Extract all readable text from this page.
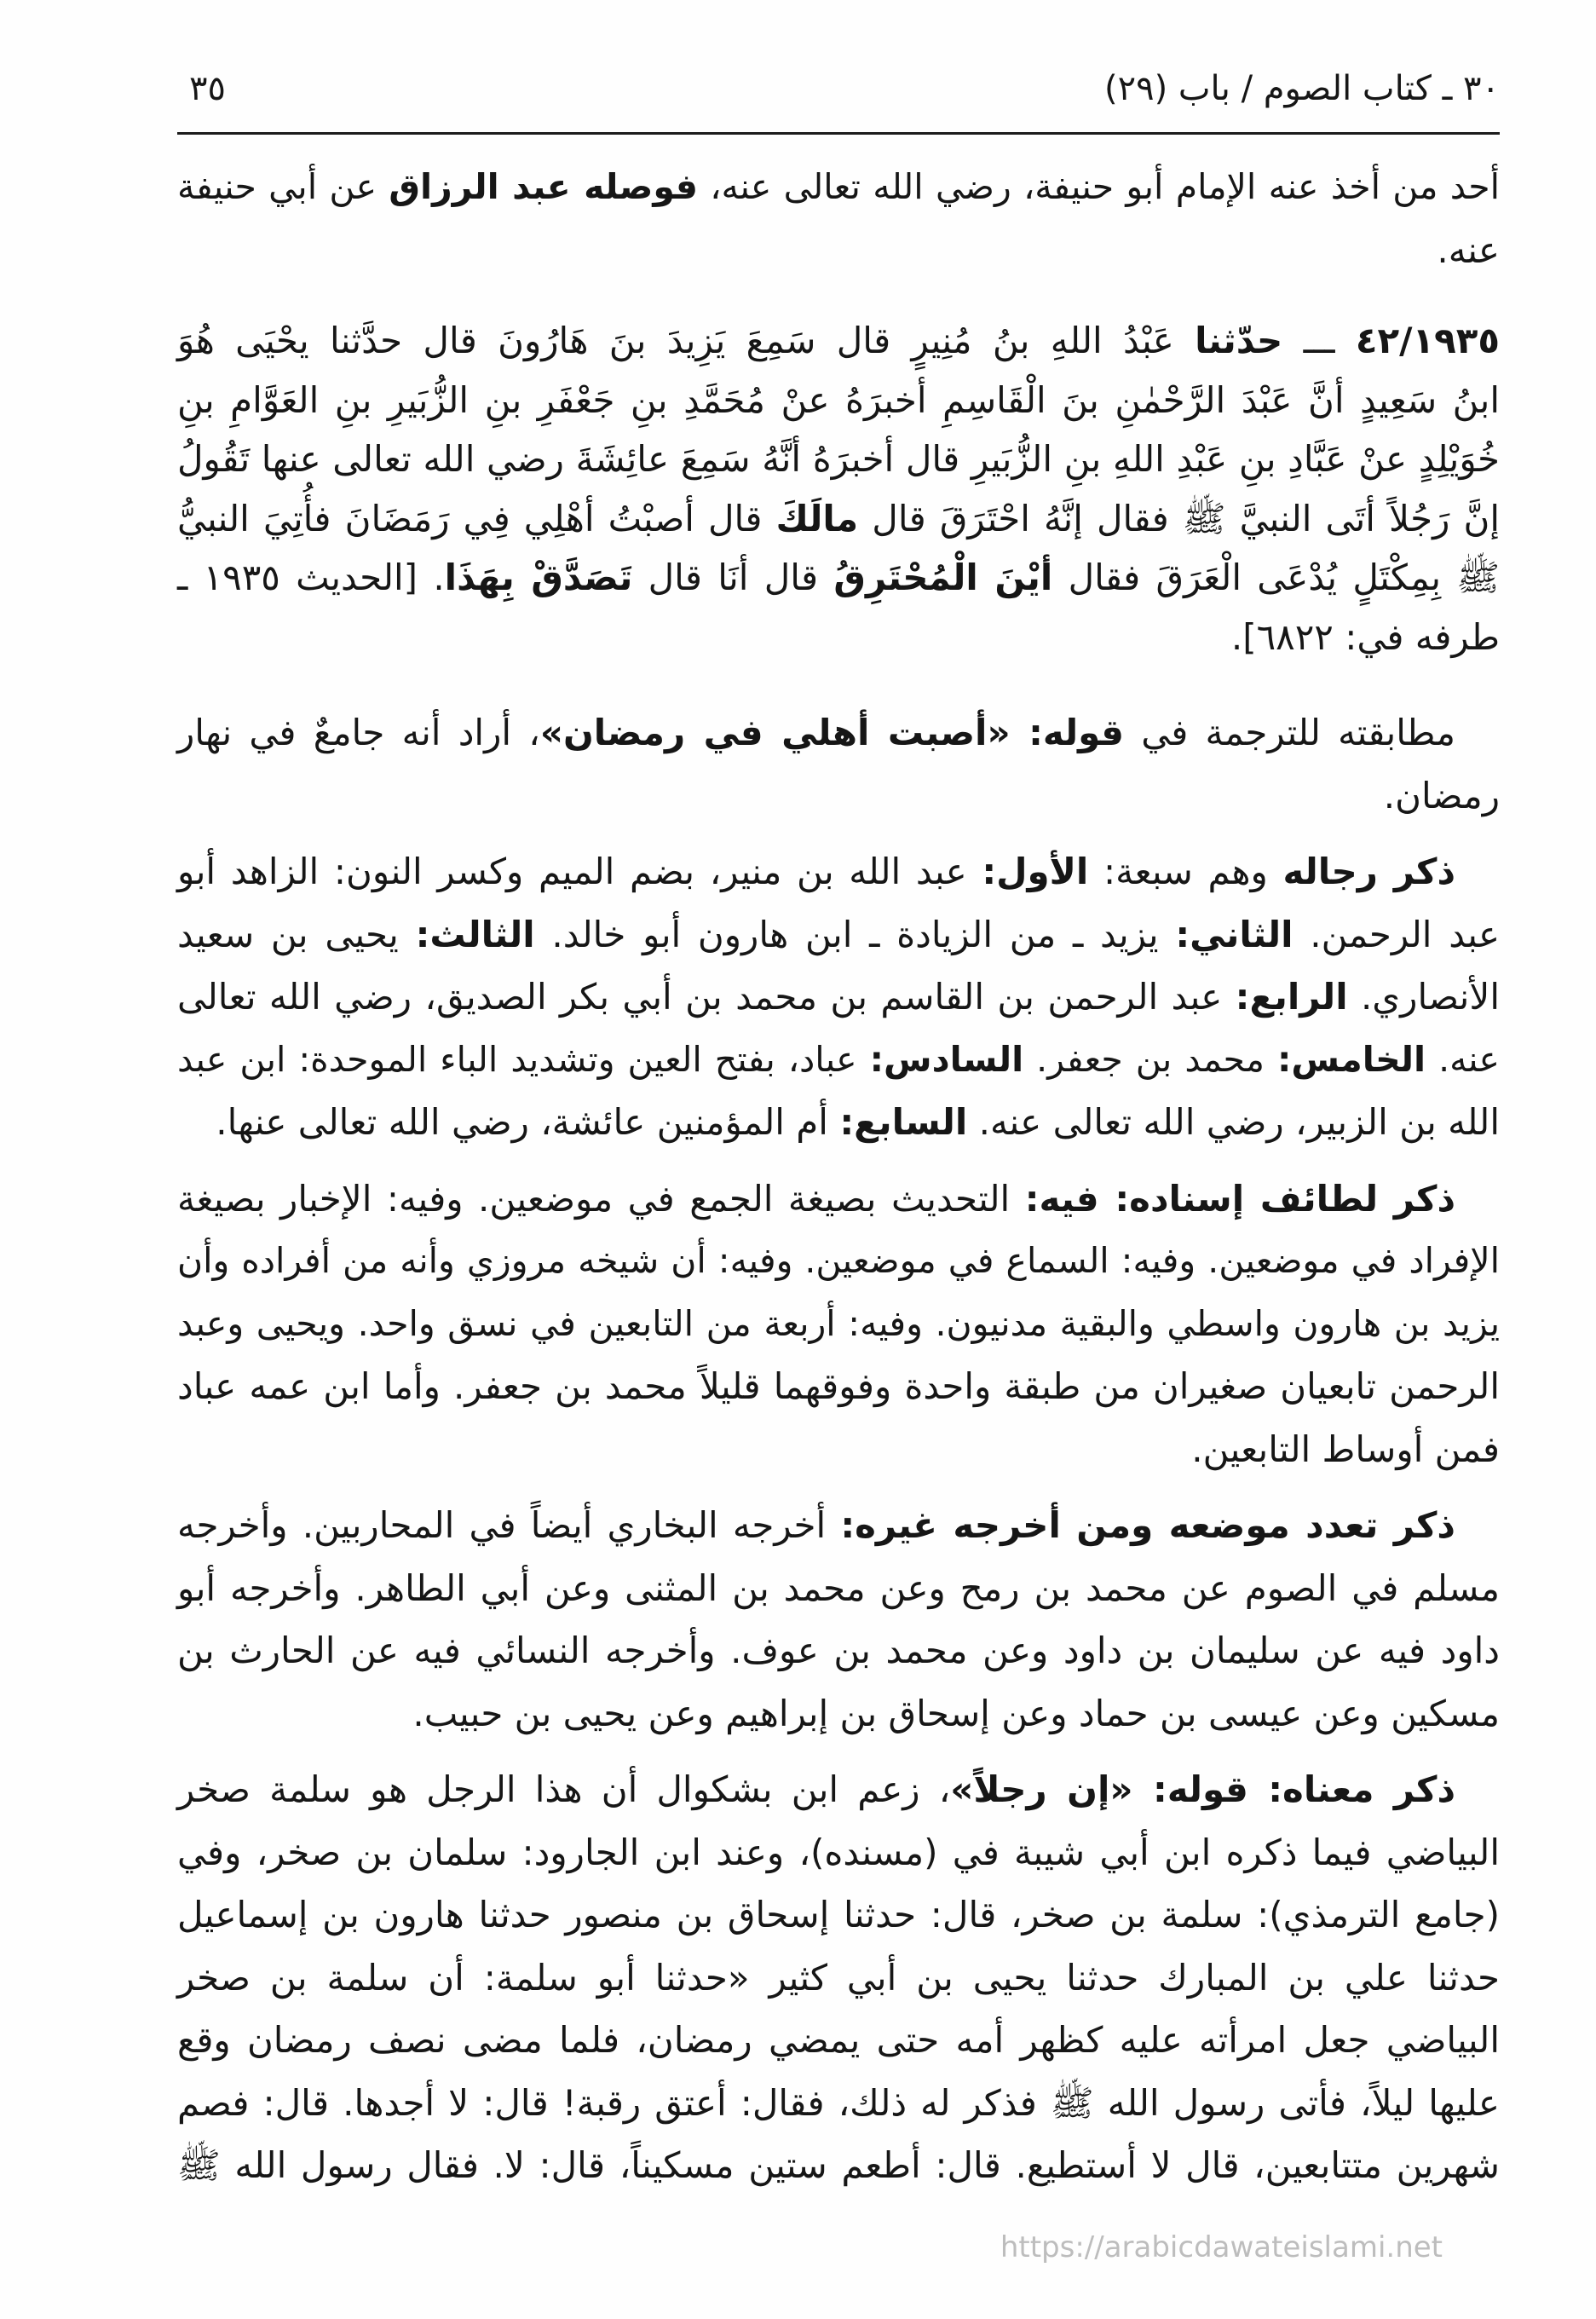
٣٠ ـ كتاب الصوم / باب (٢٩)
٣٥
أحد من أخذ عنه الإمام أبو حنيفة، رضي الله تعالى عنه، فوصله عبد الرزاق عن أبي حنيفة
عنه.
٤٢/١٩٣٥ ـــ حدّثنا عَبْدُ اللهِ بنُ مُنِيرٍ قال سَمِعَ يَزِيدَ بنَ هَارُونَ قال حدَّثنا يحْيَى هُوَ
ابنُ سَعِيدٍ أنَّ عَبْدَ الرَّحْمٰنِ بنَ الْقَاسِمِ أخبرَهُ عنْ مُحَمَّدِ بنِ جَعْفَرِ بنِ الزُّبَيرِ بنِ العَوَّامِ بنِ
خُوَيْلِدٍ عنْ عَبَّادِ بنِ عَبْدِ اللهِ بنِ الزُّبَيرِ قال أخبرَهُ أنَّهُ سَمِعَ عائِشَةَ رضي الله تعالى عنها تَقُولُ
إنَّ رَجُلاً أتَى النبيَّ ﷺ فقال إنَّهُ احْتَرَقَ قال مالَكَ قال أصبْتُ أهْلِي فِي رَمَضَانَ فأُتِيَ النبيُّ
ﷺ بِمِكْتَلٍ يُدْعَى الْعَرَقَ فقال أيْنَ الْمُحْتَرِقُ قال أنَا قال تَصَدَّقْ بِهَذَا. [الحديث ١٩٣٥ ـ
طرفه في: ٦٨٢٢].
مطابقته للترجمة في قوله: «أصبت أهلي في رمضان»، أراد أنه جامعٌ في نهار
رمضان.
ذكر رجاله وهم سبعة: الأول: عبد الله بن منير، بضم الميم وكسر النون: الزاهد أبو
عبد الرحمن. الثاني: يزيد ـ من الزيادة ـ ابن هارون أبو خالد. الثالث: يحيى بن سعيد
الأنصاري. الرابع: عبد الرحمن بن القاسم بن محمد بن أبي بكر الصديق، رضي الله تعالى
عنه. الخامس: محمد بن جعفر. السادس: عباد، بفتح العين وتشديد الباء الموحدة: ابن عبد
الله بن الزبير، رضي الله تعالى عنه. السابع: أم المؤمنين عائشة، رضي الله تعالى عنها.
ذكر لطائف إسناده: فيه: التحديث بصيغة الجمع في موضعين. وفيه: الإخبار بصيغة
الإفراد في موضعين. وفيه: السماع في موضعين. وفيه: أن شيخه مروزي وأنه من أفراده وأن
يزيد بن هارون واسطي والبقية مدنيون. وفيه: أربعة من التابعين في نسق واحد. ويحيى وعبد
الرحمن تابعيان صغيران من طبقة واحدة وفوقهما قليلاً محمد بن جعفر. وأما ابن عمه عباد
فمن أوساط التابعين.
ذكر تعدد موضعه ومن أخرجه غيره: أخرجه البخاري أيضاً في المحاربين. وأخرجه
مسلم في الصوم عن محمد بن رمح وعن محمد بن المثنى وعن أبي الطاهر. وأخرجه أبو
داود فيه عن سليمان بن داود وعن محمد بن عوف. وأخرجه النسائي فيه عن الحارث بن
مسكين وعن عيسى بن حماد وعن إسحاق بن إبراهيم وعن يحيى بن حبيب.
ذكر معناه: قوله: «إن رجلاً»، زعم ابن بشكوال أن هذا الرجل هو سلمة صخر
البياضي فيما ذكره ابن أبي شيبة في (مسنده)، وعند ابن الجارود: سلمان بن صخر، وفي
(جامع الترمذي): سلمة بن صخر، قال: حدثنا إسحاق بن منصور حدثنا هارون بن إسماعيل
حدثنا علي بن المبارك حدثنا يحيى بن أبي كثير «حدثنا أبو سلمة: أن سلمة بن صخر
البياضي جعل امرأته عليه كظهر أمه حتى يمضي رمضان، فلما مضى نصف رمضان وقع
عليها ليلاً، فأتى رسول الله ﷺ فذكر له ذلك، فقال: أعتق رقبة! قال: لا أجدها. قال: فصم
شهرين متتابعين، قال لا أستطيع. قال: أطعم ستين مسكيناً، قال: لا. فقال رسول الله ﷺ
https://arabicdawateislami.net
